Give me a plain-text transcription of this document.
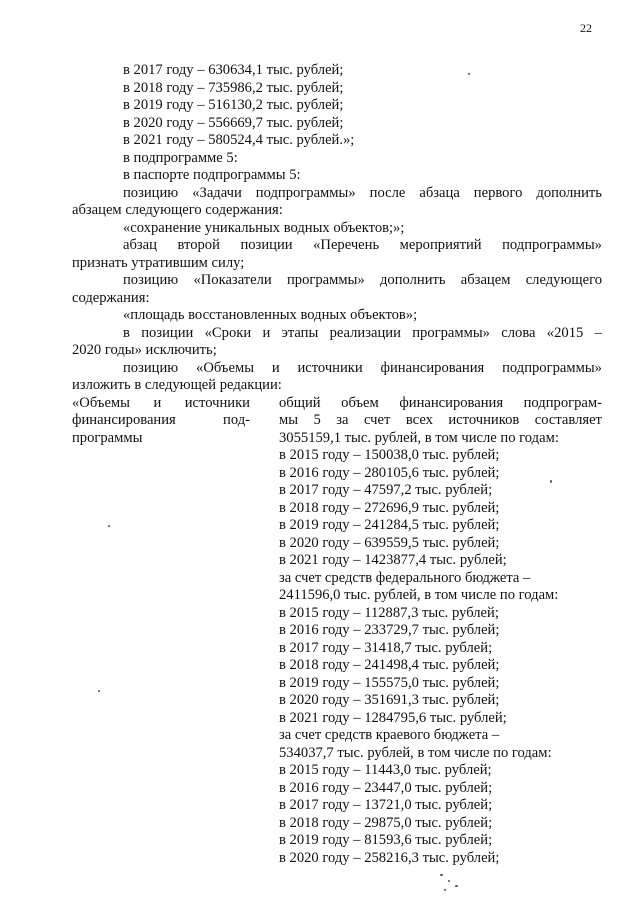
22
в 2017 году – 630634,1 тыс. рублей;
в 2018 году – 735986,2 тыс. рублей;
в 2019 году – 516130,2 тыс. рублей;
в 2020 году – 556669,7 тыс. рублей;
в 2021 году – 580524,4 тыс. рублей.»;
в подпрограмме 5:
в паспорте подпрограммы 5:
позицию «Задачи подпрограммы» после абзаца первого дополнить
абзацем следующего содержания:
«сохранение уникальных водных объектов;»;
абзац второй позиции «Перечень мероприятий подпрограммы»
признать утратившим силу;
позицию «Показатели программы» дополнить абзацем следующего
содержания:
«площадь восстановленных водных объектов»;
в позиции «Сроки и этапы реализации программы» слова «2015 –
2020 годы» исключить;
позицию «Объемы и источники финансирования подпрограммы»
изложить в следующей редакции:
«Объемы и источники
финансирования	под-
программы
общий объем финансирования подпрограм-
мы 5 за счет всех источников составляет
3055159,1 тыс. рублей, в том числе по годам:
в 2015 году – 150038,0 тыс. рублей;
в 2016 году – 280105,6 тыс. рублей;
в 2017 году – 47597,2 тыс. рублей;
в 2018 году – 272696,9 тыс. рублей;
в 2019 году – 241284,5 тыс. рублей;
в 2020 году – 639559,5 тыс. рублей;
в 2021 году – 1423877,4 тыс. рублей;
за счет средств федерального бюджета –
2411596,0 тыс. рублей, в том числе по годам:
в 2015 году – 112887,3 тыс. рублей;
в 2016 году – 233729,7 тыс. рублей;
в 2017 году – 31418,7 тыс. рублей;
в 2018 году – 241498,4 тыс. рублей;
в 2019 году – 155575,0 тыс. рублей;
в 2020 году – 351691,3 тыс. рублей;
в 2021 году – 1284795,6 тыс. рублей;
за счет средств краевого бюджета –
534037,7 тыс. рублей, в том числе по годам:
в 2015 году – 11443,0 тыс. рублей;
в 2016 году – 23447,0 тыс. рублей;
в 2017 году – 13721,0 тыс. рублей;
в 2018 году – 29875,0 тыс. рублей;
в 2019 году – 81593,6 тыс. рублей;
в 2020 году – 258216,3 тыс. рублей;
